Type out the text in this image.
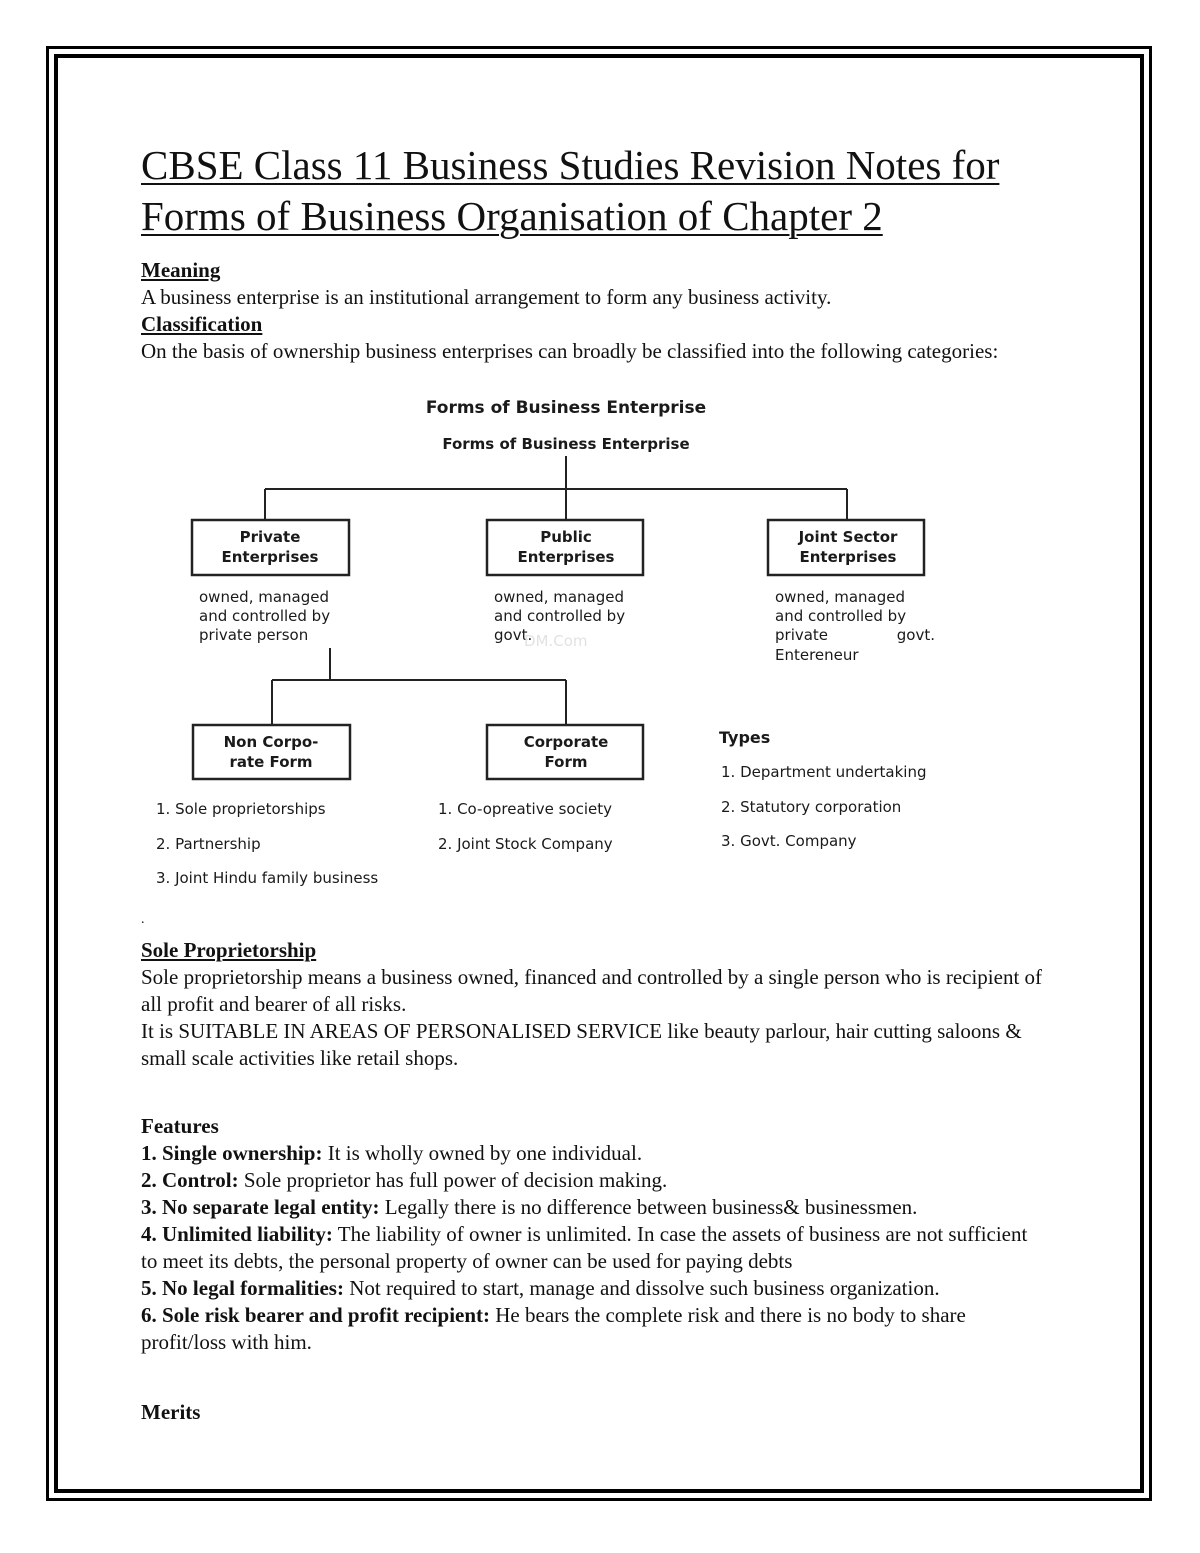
CBSE Class 11 Business Studies Revision Notes for Forms of Business Organisation of Chapter 2
Meaning
A business enterprise is an institutional arrangement to form any business activity.
Classification

On the basis of ownership business enterprises can broadly be classified into the following categories:

Forms of Business Enterprise
Forms of Business Enterprise
Private
Enterprises
Public
Enterprises
Joint Sector
Enterprises
owned, managed
and controlled by
private person
owned, managed
and controlled by
govt.
DM.Com
owned, managed
and controlled by
private	govt.
Entereneur
Non Corpo-
rate Form
Corporate
Form
1. Sole proprietorships
2. Partnership
3. Joint Hindu family business
1. Co-opreative society
2. Joint Stock Company
Types
1. Department undertaking
2. Statutory corporation
3. Govt. Company
.
Sole Proprietorship

Sole proprietorship means a business owned, financed and controlled by a single person who is recipient of all profit and bearer of all risks.

It is SUITABLE IN AREAS OF PERSONALISED SERVICE like beauty parlour, hair cutting saloons & small scale activities like retail shops.

Features
1. Single ownership: It is wholly owned by one individual.
2. Control: Sole proprietor has full power of decision making.
3. No separate legal entity: Legally there is no difference between business& businessmen.
4. Unlimited liability: The liability of owner is unlimited. In case the assets of business are not sufficient to meet its debts, the personal property of owner can be used for paying debts
5. No legal formalities: Not required to start, manage and dissolve such business organization.
6. Sole risk bearer and profit recipient: He bears the complete risk and there is no body to share profit/loss with him.
Merits
